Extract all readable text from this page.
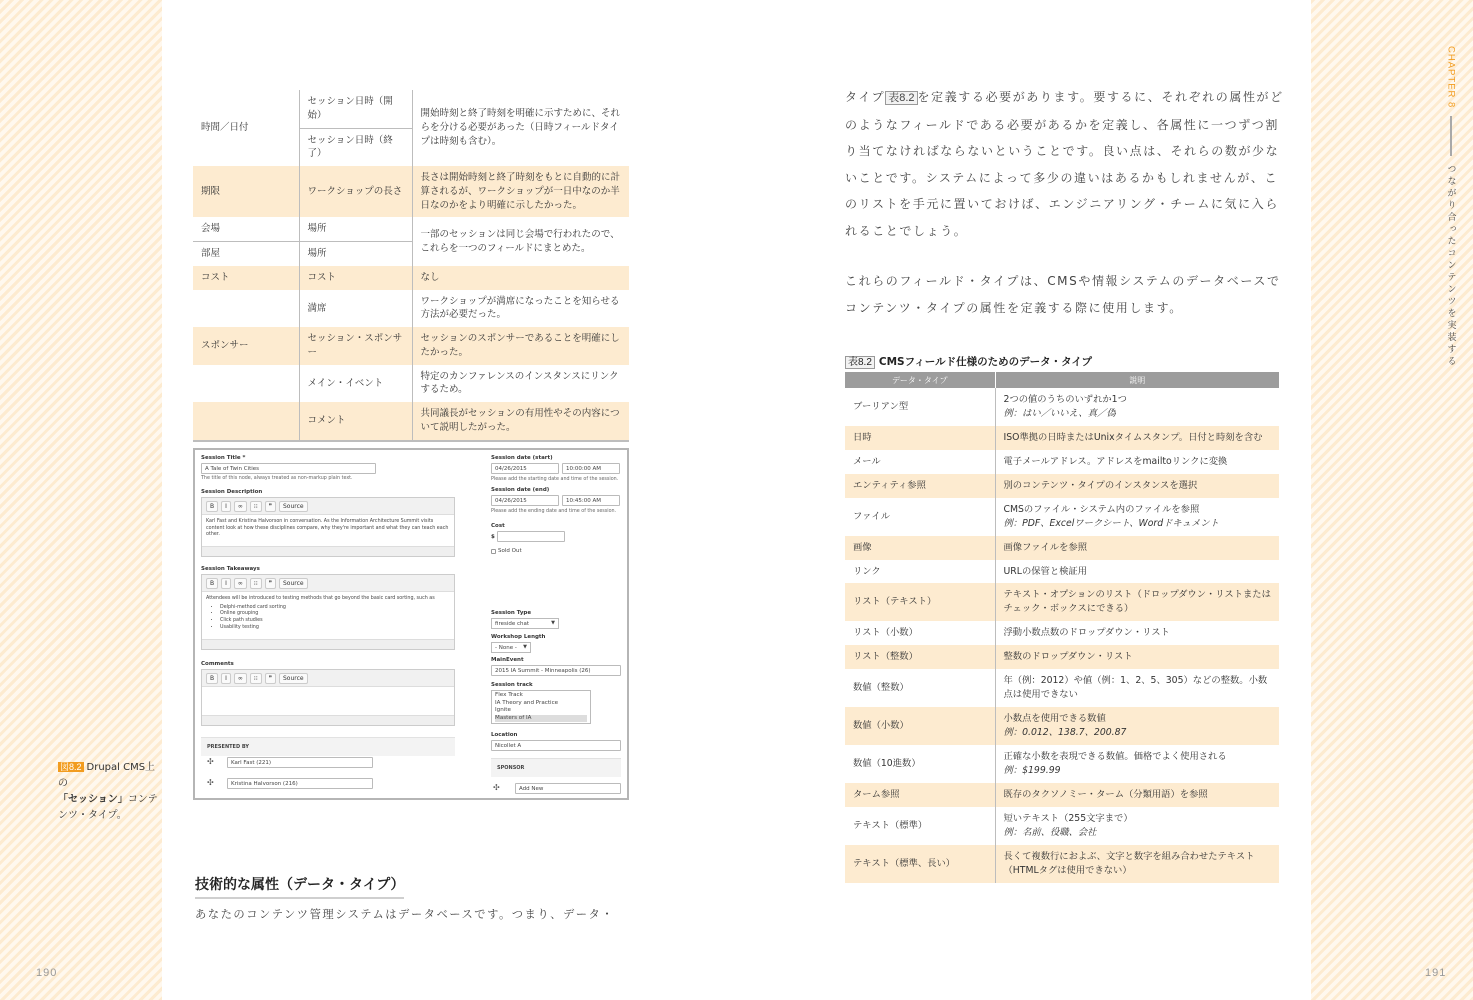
190	191
CHAPTER 8
つながり合ったコンテンツを実装する
時間／日付	セッション日時（開始）	開始時刻と終了時刻を明確に示すために、それらを分ける必要があった（日時フィールドタイプは時刻も含む）。
	セッション日時（終了）	
期限	ワークショップの長さ	長さは開始時刻と終了時刻をもとに自動的に計算されるが、ワークショップが一日中なのか半日なのかをより明確に示したかった。
会場	場所	一部のセッションは同じ会場で行われたので、これらを一つのフィールドにまとめた。
部屋	場所	
コスト	コスト	なし
	満席	ワークショップが満席になったことを知らせる方法が必要だった。
スポンサー	セッション・スポンサー	セッションのスポンサーであることを明確にしたかった。
	メイン・イベント	特定のカンファレンスのインスタンスにリンクするため。
	コメント	共同議長がセッションの有用性やその内容について説明したがった。
Session Title *
A Tale of Twin Cities
The title of this node, always treated as non-markup plain text.
Session Description
B	I	∞	⁝⁝	❞	Source
Karl Fast and Kristina Halvorson in conversation. As the Information Architecture Summit visits content look at how these disciplines compare, why they're important and what they can teach each other.
Session Takeaways
B	I	∞	⁝⁝	❞	Source
Attendees will be introduced to testing methods that go beyond the basic card sorting, such as
• Delphi-method card sorting
• Online grouping
• Click path studies
• Usability testing
Comments
B	I	∞	⁝⁝	❞	Source
PRESENTED BY
✣	Karl Fast (221)
✣	Kristina Halvorson (216)
Session date (start)
04/26/2015	10:00:00 AM
Please add the starting date and time of the session.
Session date (end)
04/26/2015	10:45:00 AM
Please add the ending date and time of the session.
Cost
$
Sold Out
Session Type
fireside chat	▼
Workshop Length
- None - ▼
MainEvent
2015 IA Summit - Minneapolis (26)
Session track
Flex Track
IA Theory and Practice
Ignite
Masters of IA
Location
Nicollet A
SPONSOR
✣	Add New
図8.2 Drupal CMS上の
「セッション」コンテンツ・タイプ。
技術的な属性（データ・タイプ）
あなたのコンテンツ管理システムはデータベースです。つまり、データ・
タイプ 表8.2 を定義する必要があります。要するに、それぞれの属性がどのようなフィールドである必要があるかを定義し、各属性に一つずつ割り当てなければならないということです。良い点は、それらの数が少ないことです。システムによって多少の違いはあるかもしれませんが、このリストを手元に置いておけば、エンジニアリング・チームに気に入られることでしょう。
これらのフィールド・タイプは、CMSや情報システムのデータベースでコンテンツ・タイプの属性を定義する際に使用します。
表8.2 CMSフィールド仕様のためのデータ・タイプ
データ・タイプ	説明
ブーリアン型	2つの値のうちのいずれか1つ
例：はい／いいえ、真／偽

日時	ISO準拠の日時またはUnixタイムスタンプ。日付と時刻を含む

メール	電子メールアドレス。アドレスをmailtoリンクに変換

エンティティ参照	別のコンテンツ・タイプのインスタンスを選択

ファイル	CMSのファイル・システム内のファイルを参照
例：PDF、Excelワークシート、Wordドキュメント

画像	画像ファイルを参照

リンク	URLの保管と検証用

リスト（テキスト）	テキスト・オプションのリスト（ドロップダウン・リストまたはチェック・ボックスにできる）

リスト（小数）	浮動小数点数のドロップダウン・リスト

リスト（整数）	整数のドロップダウン・リスト

数値（整数）	年（例：2012）や値（例：1、2、5、305）などの整数。小数点は使用できない

数値（小数）	小数点を使用できる数値
例：0.012、138.7、200.87

数値（10進数）	正確な小数を表現できる数値。価格でよく使用される
例：$199.99

ターム参照	既存のタクソノミー・ターム（分類用語）を参照

テキスト（標準）	短いテキスト（255文字まで）
例：名前、役職、会社

テキスト（標準、長い）	長くて複数行におよぶ、文字と数字を組み合わせたテキスト（HTMLタグは使用できない）
